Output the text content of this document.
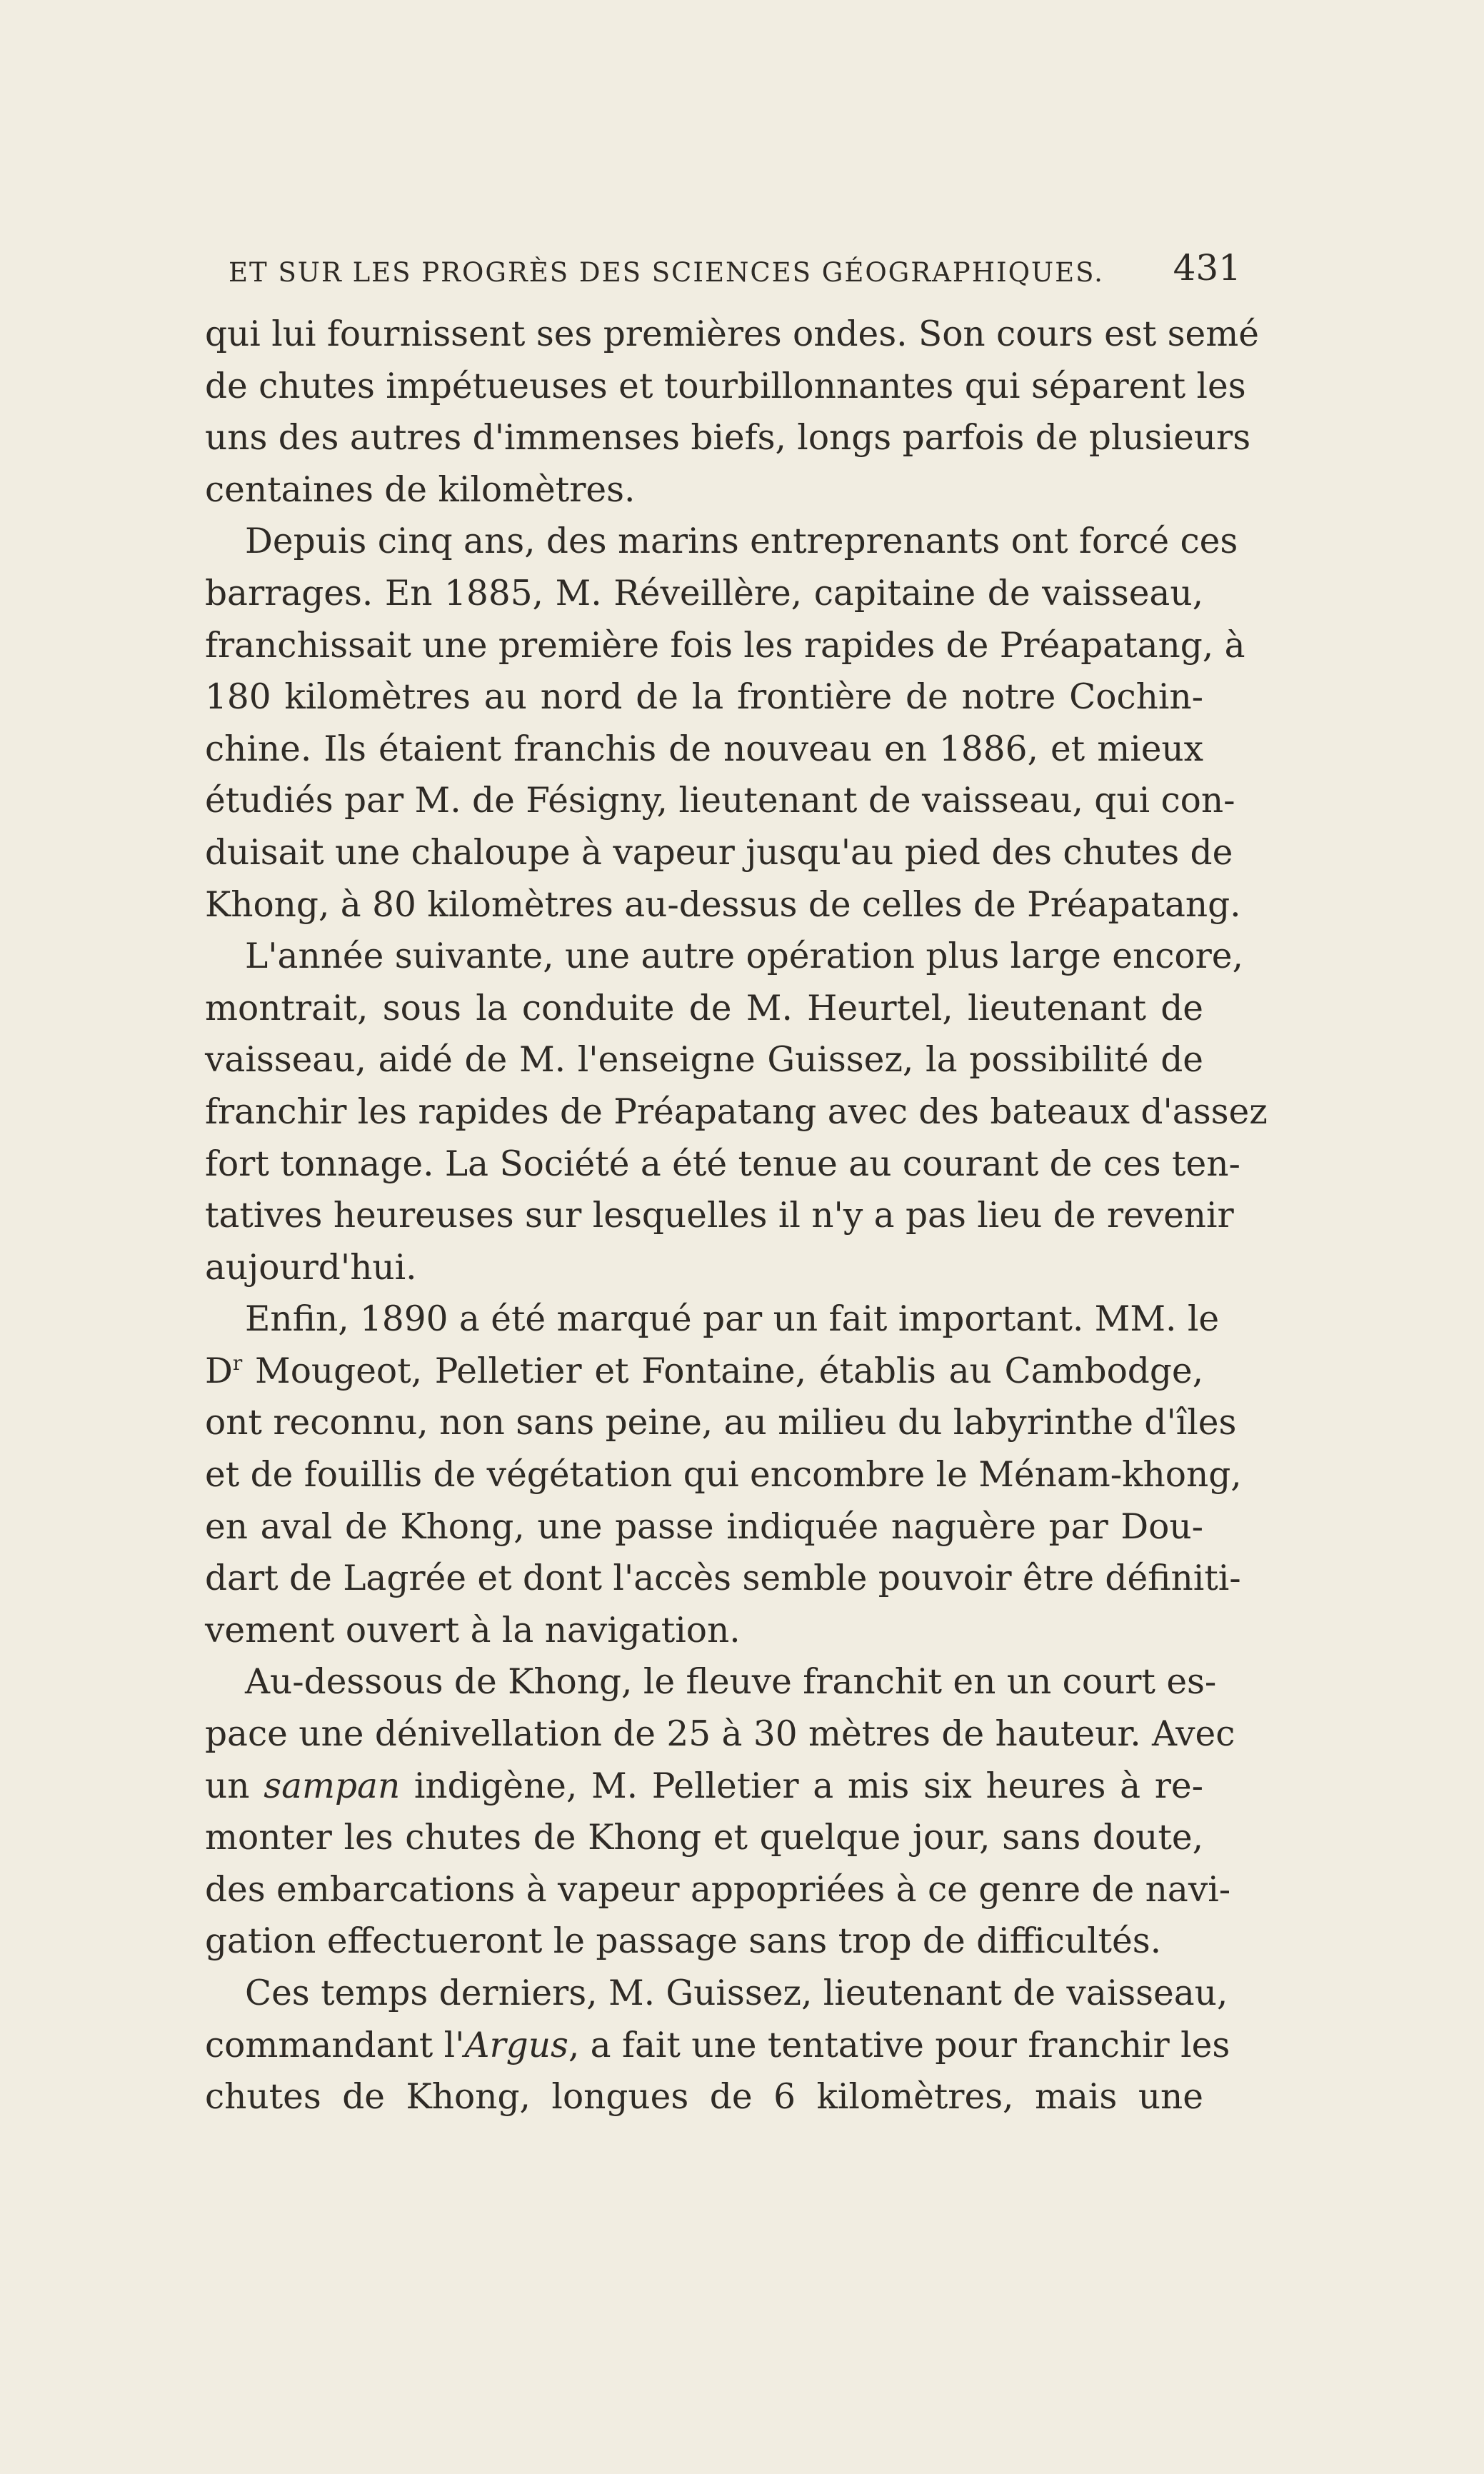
ET SUR LES PROGRÈS DES SCIENCES GÉOGRAPHIQUES. 431
qui lui fournissent ses premières ondes. Son cours est semé
de chutes impétueuses et tourbillonnantes qui séparent les
uns des autres d'immenses biefs, longs parfois de plusieurs
centaines de kilomètres.
Depuis cinq ans, des marins entreprenants ont forcé ces
barrages. En 1885, M. Réveillère, capitaine de vaisseau,
franchissait une première fois les rapides de Préapatang, à
180 kilomètres au nord de la frontière de notre Cochin-
chine. Ils étaient franchis de nouveau en 1886, et mieux
étudiés par M. de Fésigny, lieutenant de vaisseau, qui con-
duisait une chaloupe à vapeur jusqu'au pied des chutes de
Khong, à 80 kilomètres au-dessus de celles de Préapatang.
L'année suivante, une autre opération plus large encore,
montrait, sous la conduite de M. Heurtel, lieutenant de
vaisseau, aidé de M. l'enseigne Guissez, la possibilité de
franchir les rapides de Préapatang avec des bateaux d'assez
fort tonnage. La Société a été tenue au courant de ces ten-
tatives heureuses sur lesquelles il n'y a pas lieu de revenir
aujourd'hui.
Enfin, 1890 a été marqué par un fait important. MM. le
$D^r$ Mougeot, Pelletier et Fontaine, établis au Cambodge,
ont reconnu, non sans peine, au milieu du labyrinthe d'îles
et de fouillis de végétation qui encombre le Ménam-khong,
en aval de Khong, une passe indiquée naguère par Dou-
dart de Lagrée et dont l'accès semble pouvoir être définiti-
vement ouvert à la navigation.
Au-dessous de Khong, le fleuve franchit en un court es-
pace une dénivellation de 25 à 30 mètres de hauteur. Avec
un sampan indigène, M. Pelletier a mis six heures à re-
monter les chutes de Khong et quelque jour, sans doute,
des embarcations à vapeur appopriées à ce genre de navi-
gation effectueront le passage sans trop de difficultés.
Ces temps derniers, M. Guissez, lieutenant de vaisseau,
commandant l'Argus, a fait une tentative pour franchir les
chutes de Khong, longues de 6 kilomètres, mais une
